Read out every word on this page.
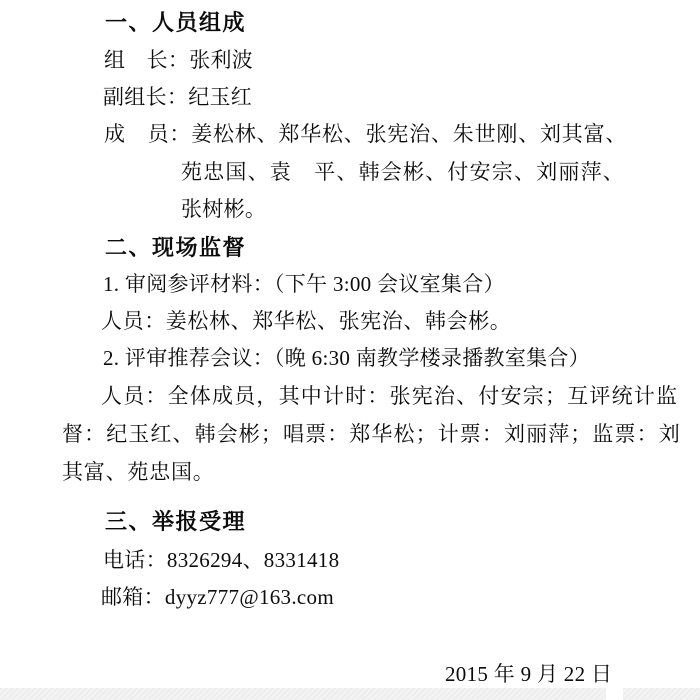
一、人员组成
组　长：张利波
副组长：纪玉红
成　员：姜松林、郑华松、张宪治、朱世刚、刘其富、
苑忠国、袁　平、韩会彬、付安宗、刘丽萍、
张树彬。
二、现场监督
1. 审阅参评材料：（下午 3:00 会议室集合）
人员：姜松林、郑华松、张宪治、韩会彬。
2. 评审推荐会议：（晚 6:30 南教学楼录播教室集合）
人员：全体成员，其中计时：张宪治、付安宗；互评统计监
督：纪玉红、韩会彬；唱票：郑华松；计票：刘丽萍；监票：刘
其富、苑忠国。
三、举报受理
电话：8326294、8331418
邮箱：dyyz777@163.com
2015 年 9 月 22 日
